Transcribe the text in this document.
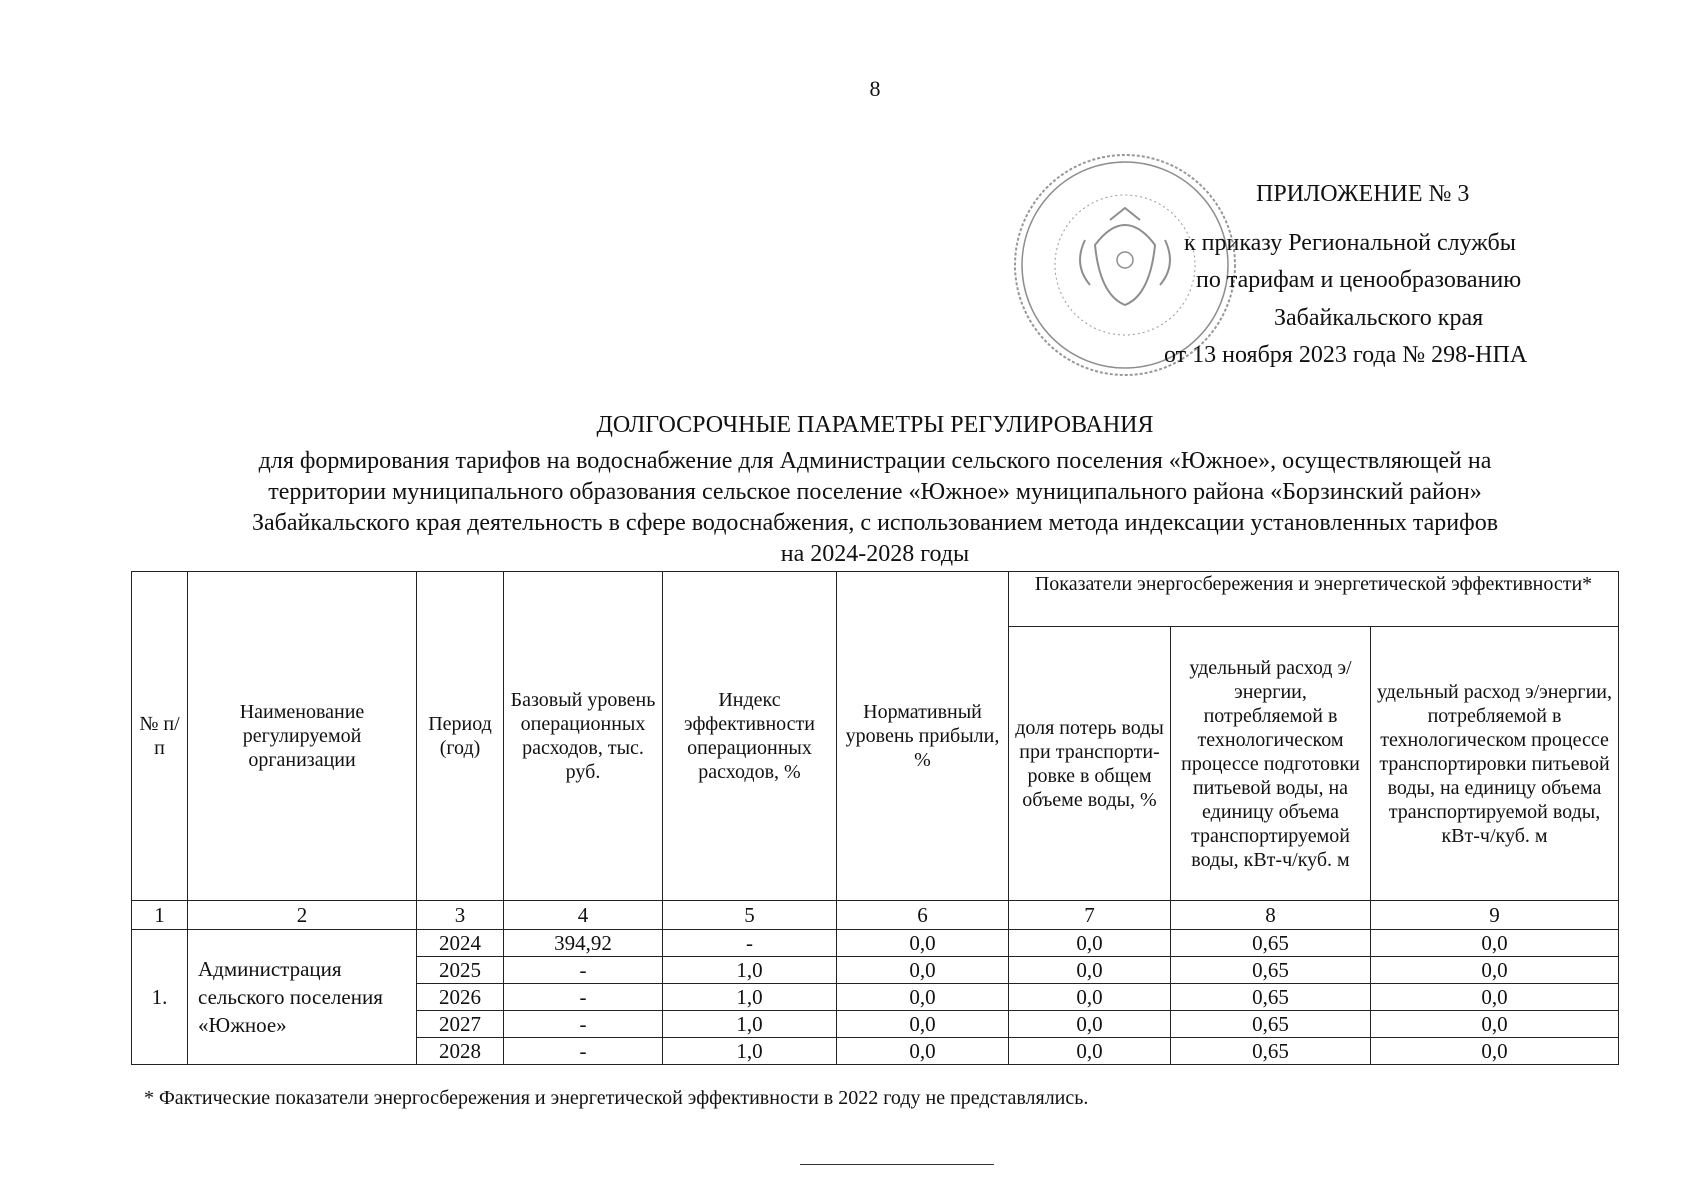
8
ПРИЛОЖЕНИЕ № 3
к приказу Региональной службы
по тарифам и ценообразованию
Забайкальского края
от 13 ноября 2023 года № 298-НПА
ДОЛГОСРОЧНЫЕ ПАРАМЕТРЫ РЕГУЛИРОВАНИЯ
для формирования тарифов на водоснабжение для Администрации сельского поселения «Южное», осуществляющей на
территории муниципального образования сельское поселение «Южное» муниципального района «Борзинский район»
Забайкальского края деятельность в сфере водоснабжения, с использованием метода индексации установленных тарифов
на 2024-2028 годы
№ п/п	Наименование регулируемой организации	Период (год)	Базовый уровень операционных расходов, тыс. руб.	Индекс эффективности операционных расходов, %	Нормативный уровень прибыли, %	Показатели энергосбережения и энергетической эффективности*		
						доля потерь воды при транспорти-ровке в общем объеме воды, %	удельный расход э/энергии, потребляемой в технологическом процессе подготовки питьевой воды, на единицу объема транспортируемой воды, кВт-ч/куб. м	удельный расход э/энергии, потребляемой в технологическом процессе транспортировки питьевой воды, на единицу объема транспортируемой воды, кВт-ч/куб. м
1	2	3	4	5	6	7	8	9
1.	Администрация сельского поселения «Южное»	2024	394,92	-	0,0	0,0	0,65	0,0
		2025	-	1,0	0,0	0,0	0,65	0,0
		2026	-	1,0	0,0	0,0	0,65	0,0
		2027	-	1,0	0,0	0,0	0,65	0,0
		2028	-	1,0	0,0	0,0	0,65	0,0
* Фактические показатели энергосбережения и энергетической эффективности в 2022 году не представлялись.
